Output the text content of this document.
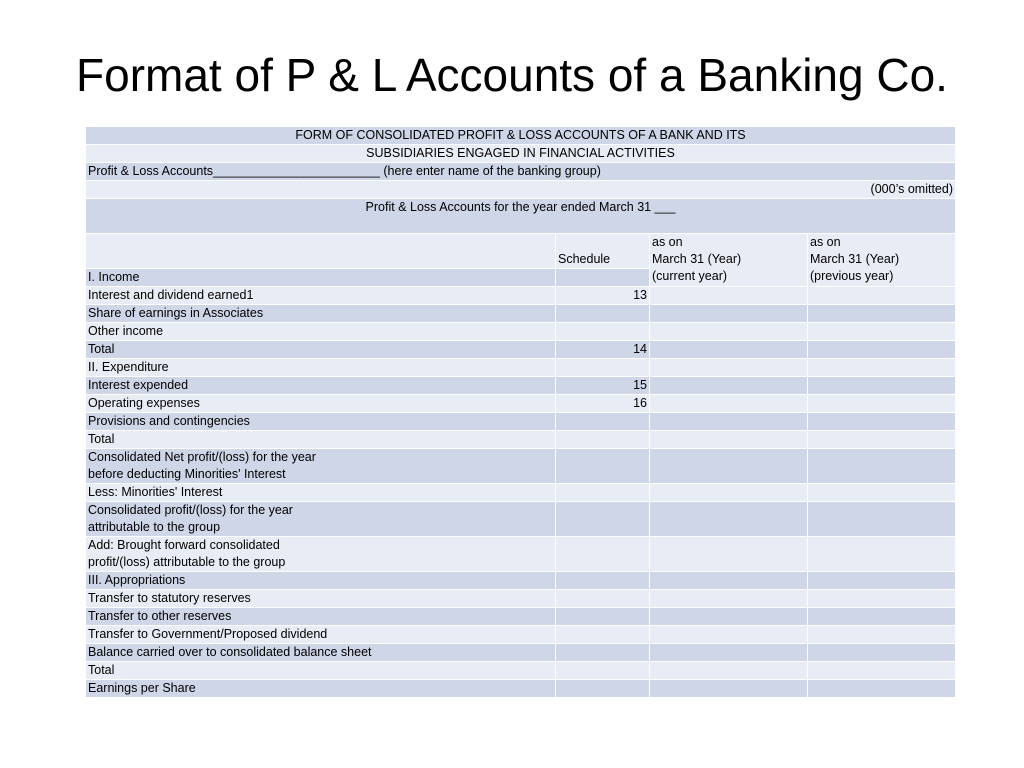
Format of P & L Accounts of a Banking Co.
FORM OF CONSOLIDATED PROFIT & LOSS ACCOUNTS OF A BANK AND ITS			
SUBSIDIARIES ENGAGED IN FINANCIAL ACTIVITIES			
Profit & Loss Accounts________________________ (here enter name of the banking group)			
(000’s omitted)			
Profit & Loss Accounts for the year ended March 31 ___			
	Schedule	as on
March 31 (Year)
(current year)	as on
March 31 (Year)
(previous year)
I. Income			
Interest and dividend earned1	13		
Share of earnings in Associates			
Other income			
Total	14		
II. Expenditure			
Interest expended	15		
Operating expenses	16		
Provisions and contingencies			
Total			
Consolidated Net profit/(loss) for the year
before deducting Minorities' Interest			
Less: Minorities' Interest			
Consolidated profit/(loss) for the year
attributable to the group			
Add: Brought forward consolidated
profit/(loss) attributable to the group			
III. Appropriations			
Transfer to statutory reserves			
Transfer to other reserves			
Transfer to Government/Proposed dividend			
Balance carried over to consolidated balance sheet			
Total			
Earnings per Share			
